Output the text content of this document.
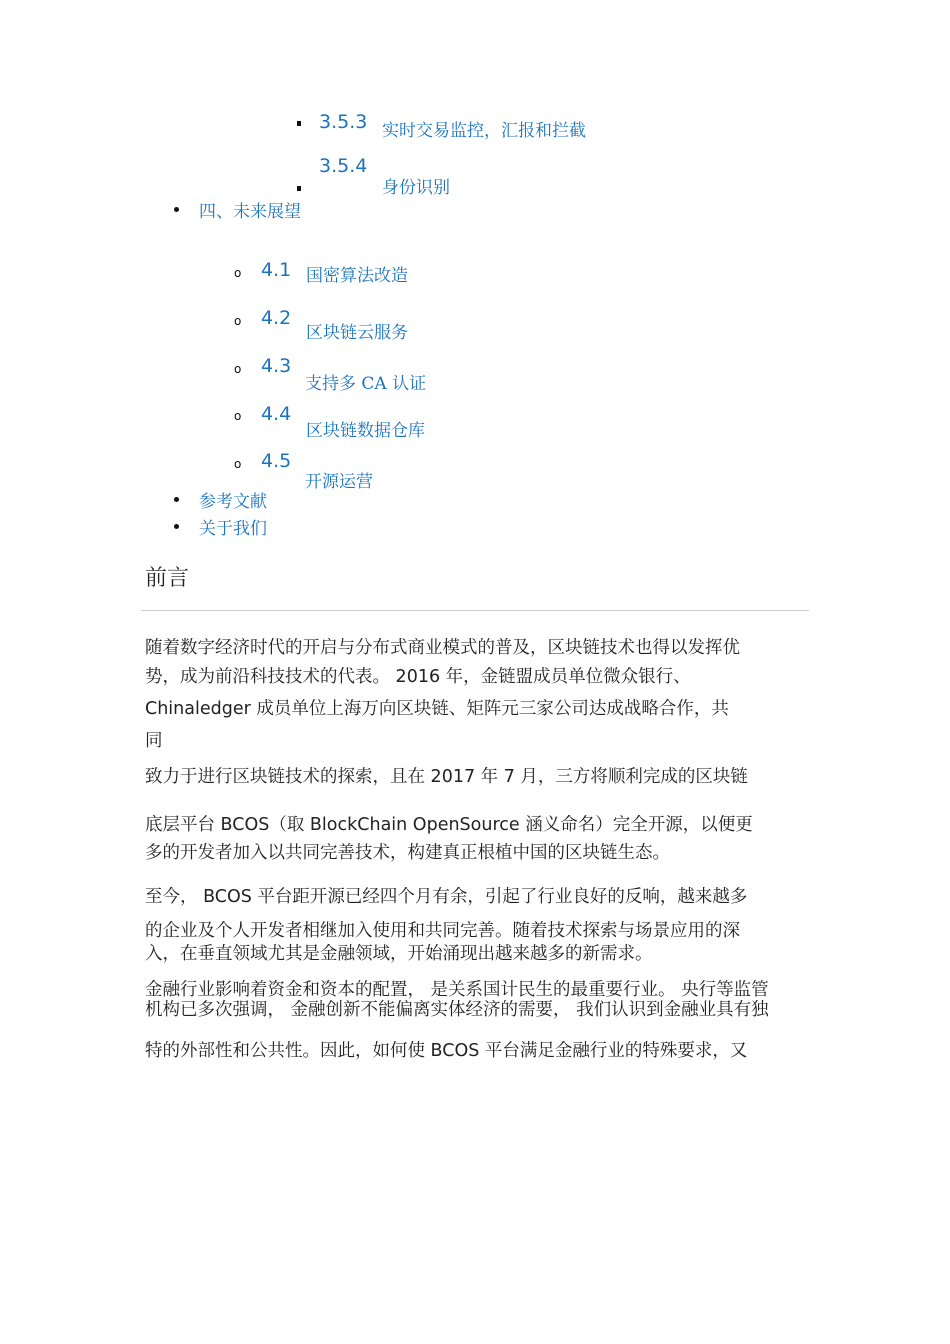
3.5.3 实时交易监控，汇报和拦截
3.5.4
身份识别
四、未来展望
o 4.1 国密算法改造
o 4.2
区块链云服务
o 4.3
支持多 CA 认证
o 4.4
区块链数据仓库
o 4.5
开源运营
参考文献
关于我们
前言
随着数字经济时代的开启与分布式商业模式的普及，区块链技术也得以发挥优
势，成为前沿科技技术的代表。 2016 年，金链盟成员单位微众银行、
Chinaledger 成员单位上海万向区块链、矩阵元三家公司达成战略合作，共
同
致力于进行区块链技术的探索，且在 2017 年 7 月，三方将顺利完成的区块链
底层平台 BCOS（取 BlockChain OpenSource 涵义命名）完全开源，以便更
多的开发者加入以共同完善技术，构建真正根植中国的区块链生态。
至今， BCOS 平台距开源已经四个月有余，引起了行业良好的反响，越来越多
的企业及个人开发者相继加入使用和共同完善。随着技术探索与场景应用的深
入，在垂直领域尤其是金融领域，开始涌现出越来越多的新需求。
金融行业影响着资金和资本的配置， 是关系国计民生的最重要行业。 央行等监管
机构已多次强调， 金融创新不能偏离实体经济的需要， 我们认识到金融业具有独
特的外部性和公共性。因此，如何使 BCOS 平台满足金融行业的特殊要求，又
